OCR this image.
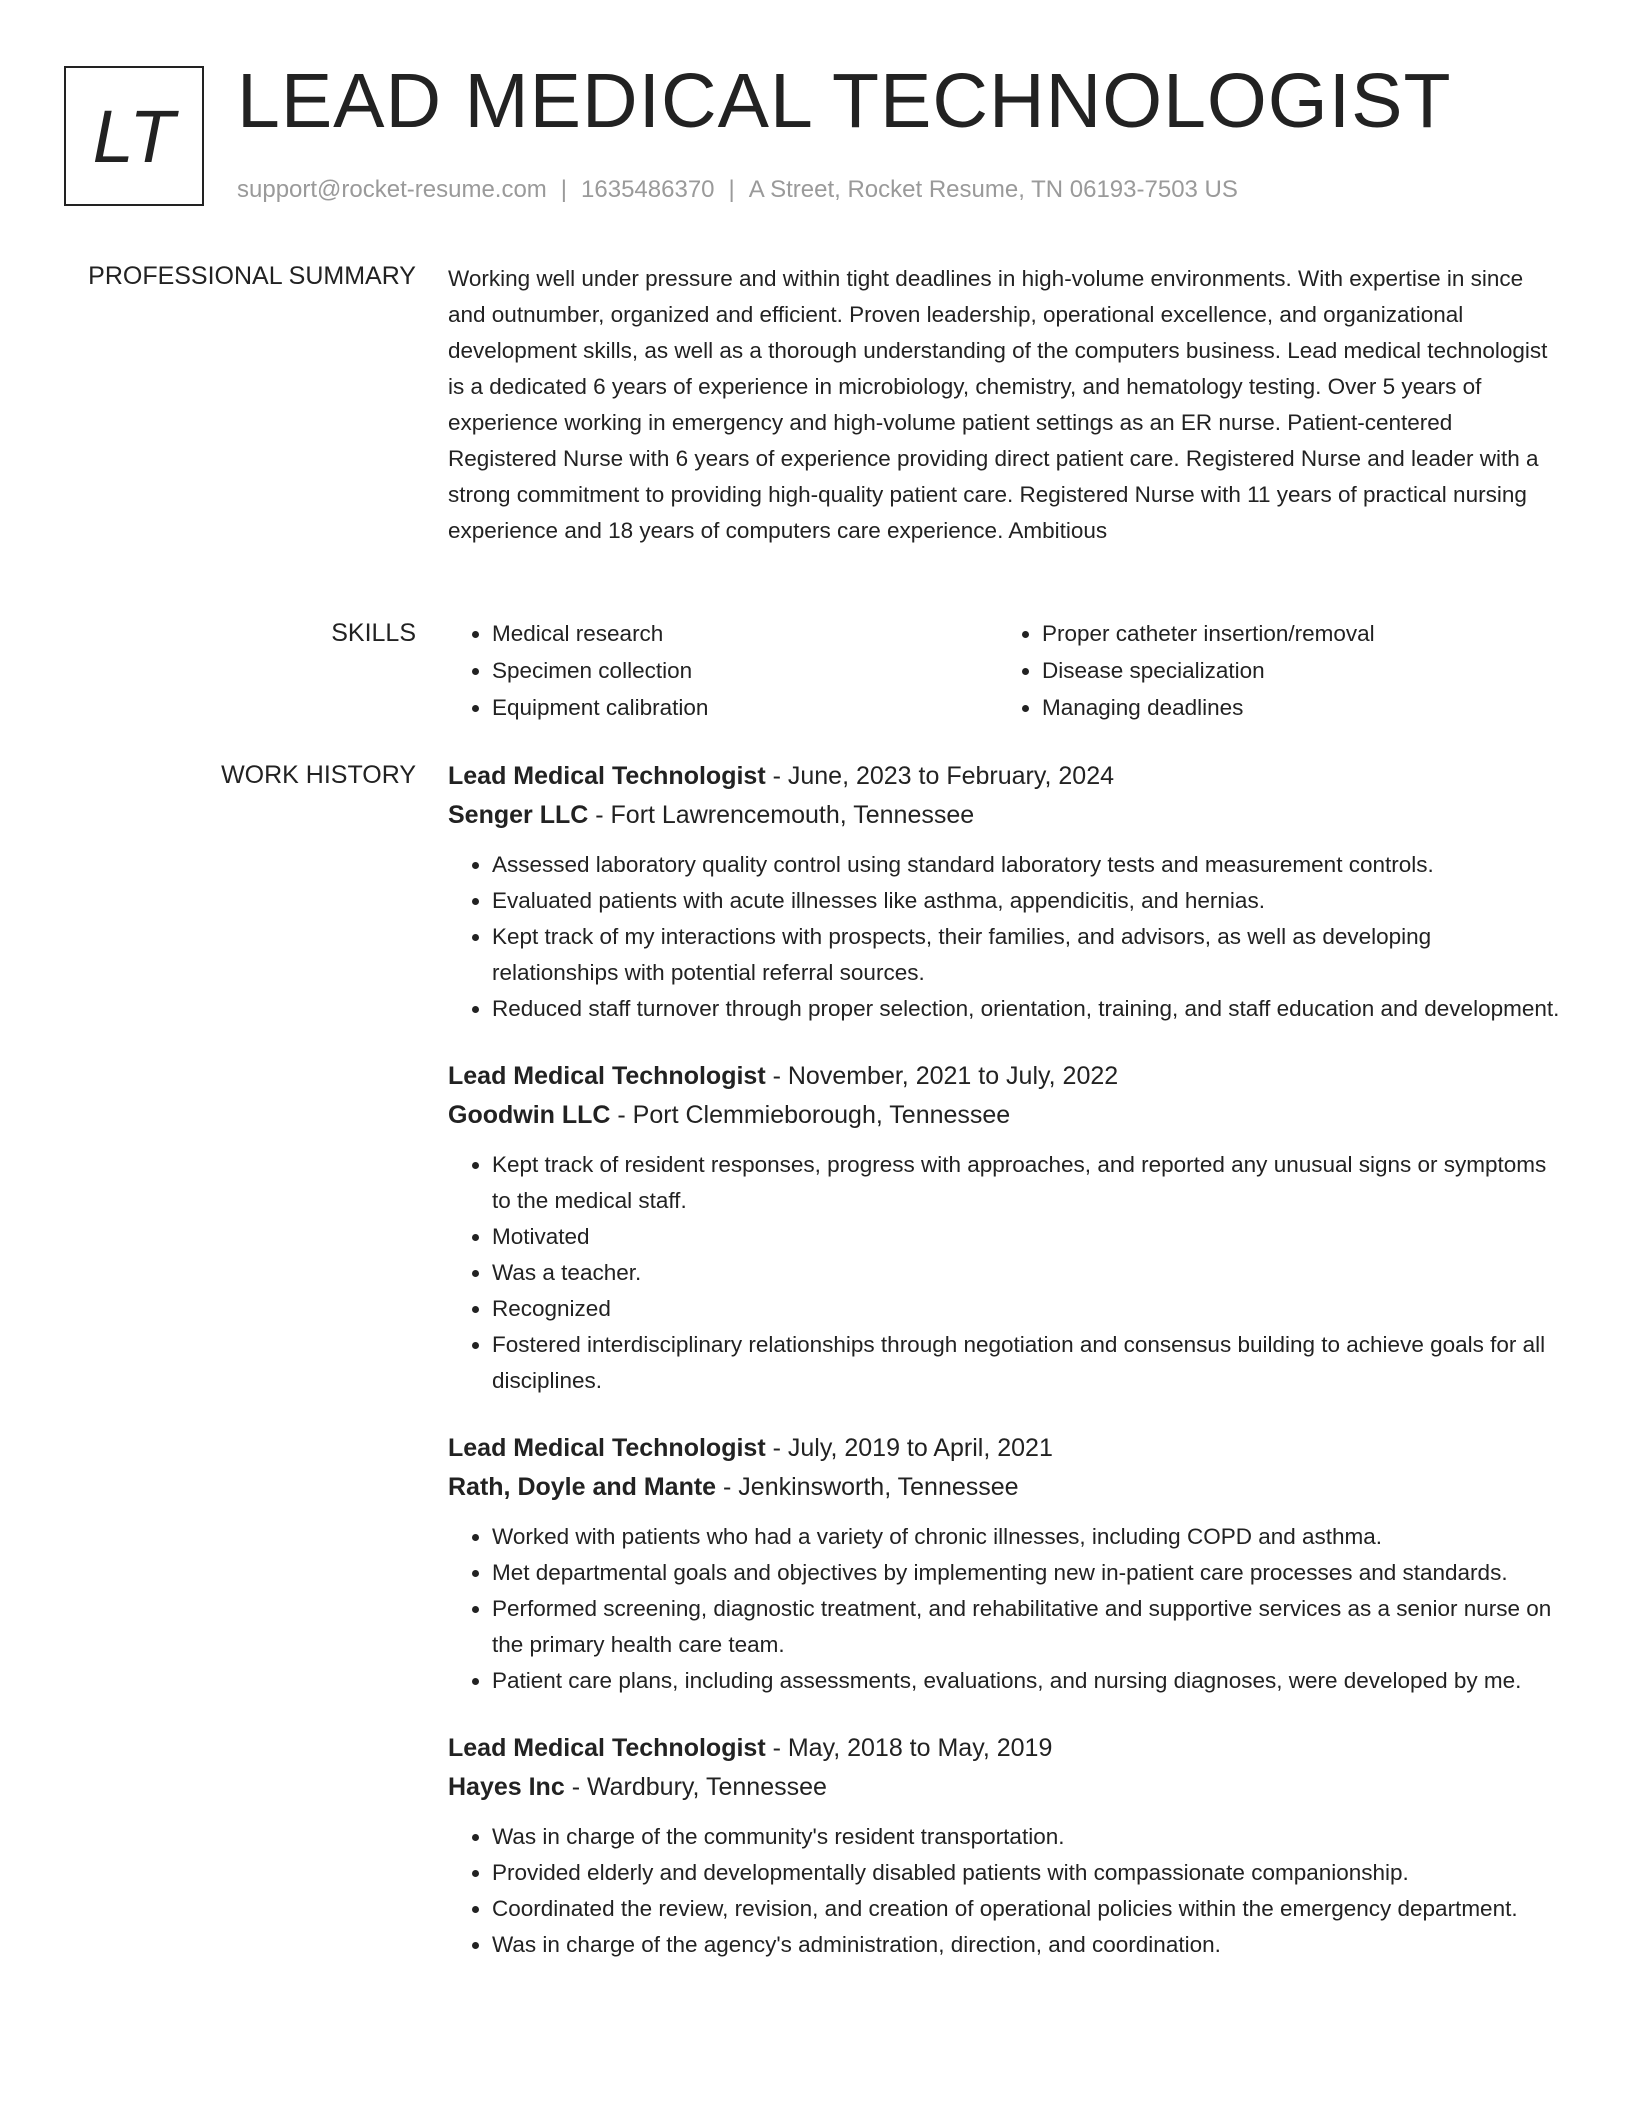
LT LEAD MEDICAL TECHNOLOGIST
support@rocket-resume.com | 1635486370 | A Street, Rocket Resume, TN 06193-7503 US
PROFESSIONAL SUMMARY Working well under pressure and within tight deadlines in high-volume environments. With expertise in since and outnumber, organized and efficient. Proven leadership, operational excellence, and organizational development skills, as well as a thorough understanding of the computers business. Lead medical technologist is a dedicated 6 years of experience in microbiology, chemistry, and hematology testing. Over 5 years of experience working in emergency and high-volume patient settings as an ER nurse. Patient-centered Registered Nurse with 6 years of experience providing direct patient care. Registered Nurse and leader with a strong commitment to providing high-quality patient care. Registered Nurse with 11 years of practical nursing experience and 18 years of computers care experience. Ambitious

SKILLS
•	Medical research
• Specimen collection
• Equipment calibration
• Proper catheter insertion/removal
• Disease specialization
• Managing deadlines
WORK HISTORY Lead Medical Technologist - June, 2023 to February, 2024
Senger LLC - Fort Lawrencemouth, Tennessee
• Assessed laboratory quality control using standard laboratory tests and measurement controls.
• Evaluated patients with acute illnesses like asthma, appendicitis, and hernias.
• Kept track of my interactions with prospects, their families, and advisors, as well as developing relationships with potential referral sources.
• Reduced staff turnover through proper selection, orientation, training, and staff education and development.
Lead Medical Technologist - November, 2021 to July, 2022
Goodwin LLC - Port Clemmieborough, Tennessee
• Kept track of resident responses, progress with approaches, and reported any unusual signs or symptoms to the medical staff.
• Motivated
• Was a teacher.
• Recognized
• Fostered interdisciplinary relationships through negotiation and consensus building to achieve goals for all disciplines.
Lead Medical Technologist - July, 2019 to April, 2021
Rath, Doyle and Mante - Jenkinsworth, Tennessee
• Worked with patients who had a variety of chronic illnesses, including COPD and asthma.
• Met departmental goals and objectives by implementing new in-patient care processes and standards.
• Performed screening, diagnostic treatment, and rehabilitative and supportive services as a senior nurse on the primary health care team.
• Patient care plans, including assessments, evaluations, and nursing diagnoses, were developed by me.
Lead Medical Technologist - May, 2018 to May, 2019
Hayes Inc - Wardbury, Tennessee
• Was in charge of the community's resident transportation.
• Provided elderly and developmentally disabled patients with compassionate companionship.
• Coordinated the review, revision, and creation of operational policies within the emergency department.
• Was in charge of the agency's administration, direction, and coordination.
